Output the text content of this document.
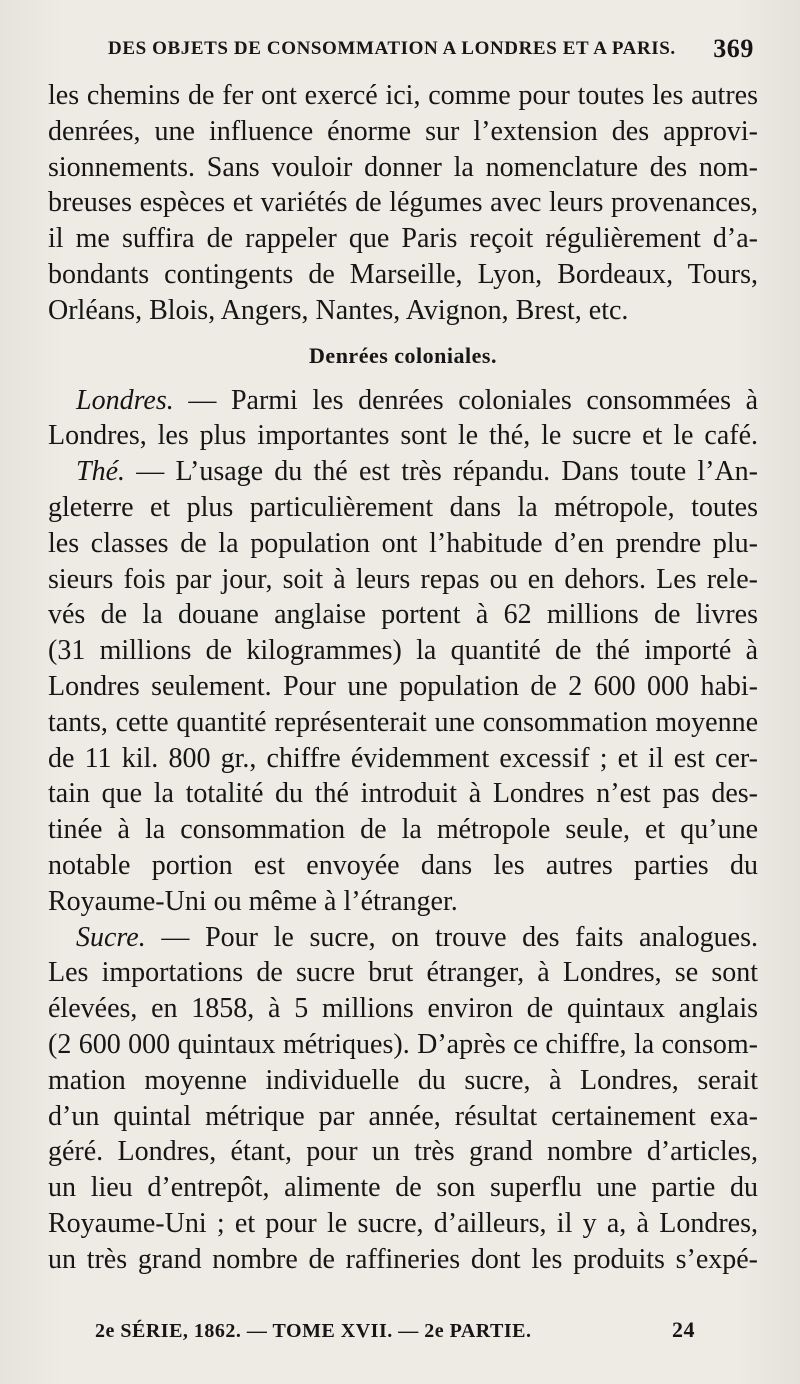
DES OBJETS DE CONSOMMATION A LONDRES ET A PARIS. 369
les chemins de fer ont exercé ici, comme pour toutes les autres
denrées, une influence énorme sur l’extension des approvi-
sionnements. Sans vouloir donner la nomenclature des nom-
breuses espèces et variétés de légumes avec leurs provenances,
il me suffira de rappeler que Paris reçoit régulièrement d’a-
bondants contingents de Marseille, Lyon, Bordeaux, Tours,
Orléans, Blois, Angers, Nantes, Avignon, Brest, etc.
Denrées coloniales.
Londres. — Parmi les denrées coloniales consommées à
Londres, les plus importantes sont le thé, le sucre et le café.
Thé. — L’usage du thé est très répandu. Dans toute l’An-
gleterre et plus particulièrement dans la métropole, toutes
les classes de la population ont l’habitude d’en prendre plu-
sieurs fois par jour, soit à leurs repas ou en dehors. Les rele-
vés de la douane anglaise portent à 62 millions de livres
(31 millions de kilogrammes) la quantité de thé importé à
Londres seulement. Pour une population de 2 600 000 habi-
tants, cette quantité représenterait une consommation moyenne
de 11 kil. 800 gr., chiffre évidemment excessif ; et il est cer-
tain que la totalité du thé introduit à Londres n’est pas des-
tinée à la consommation de la métropole seule, et qu’une
notable portion est envoyée dans les autres parties du
Royaume-Uni ou même à l’étranger.
Sucre. — Pour le sucre, on trouve des faits analogues.
Les importations de sucre brut étranger, à Londres, se sont
élevées, en 1858, à 5 millions environ de quintaux anglais
(2 600 000 quintaux métriques). D’après ce chiffre, la consom-
mation moyenne individuelle du sucre, à Londres, serait
d’un quintal métrique par année, résultat certainement exa-
géré. Londres, étant, pour un très grand nombre d’articles,
un lieu d’entrepôt, alimente de son superflu une partie du
Royaume-Uni ; et pour le sucre, d’ailleurs, il y a, à Londres,
un très grand nombre de raffineries dont les produits s’expé-
2e SÉRIE, 1862. — TOME XVII. — 2e PARTIE.	24
